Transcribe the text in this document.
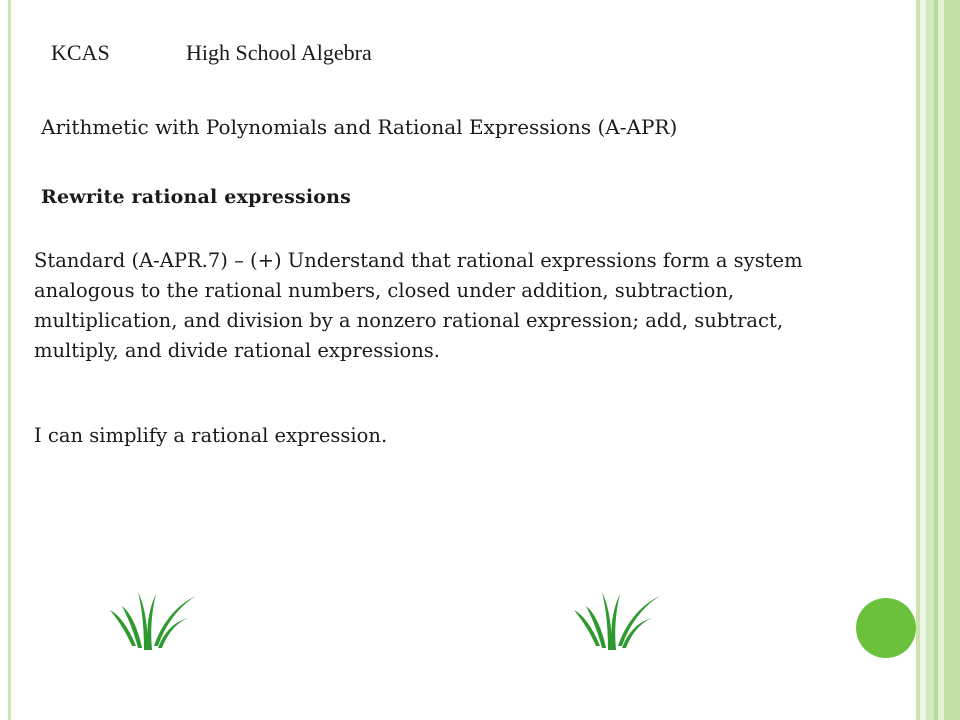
KCAS	High School Algebra
Arithmetic with Polynomials and Rational Expressions (A-APR)
Rewrite rational expressions
Standard (A-APR.7) – (+) Understand that rational expressions form a system
analogous to the rational numbers, closed under addition, subtraction,
multiplication, and division by a nonzero rational expression; add, subtract,
multiply, and divide rational expressions.
I can simplify a rational expression.
